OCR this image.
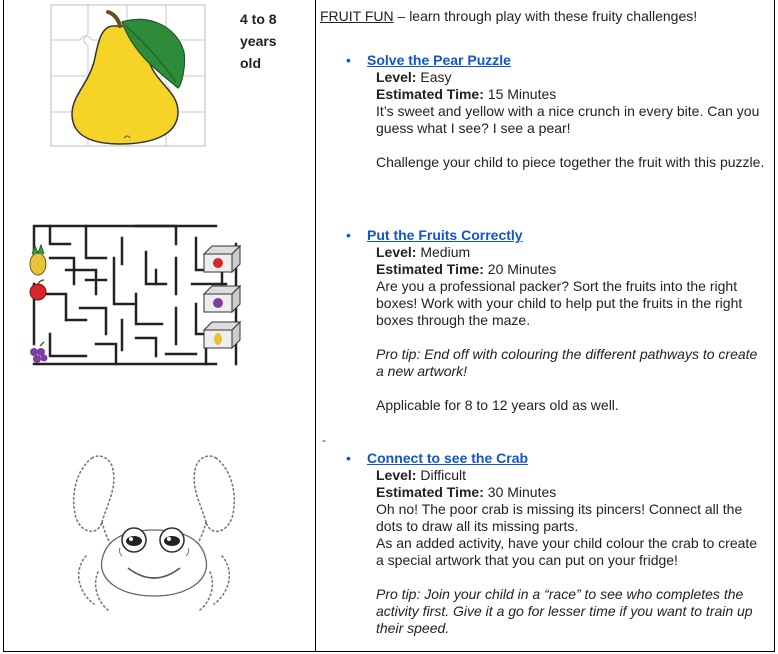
4 to 8
years
old
FRUIT FUN – learn through play with these fruity challenges!
-
• Solve the Pear Puzzle

Level: Easy

Estimated Time: 15 Minutes

It’s sweet and yellow with a nice crunch in every bite. Can you guess what I see? I see a pear!

Challenge your child to piece together the fruit with this puzzle.

• Put the Fruits Correctly

Level: Medium

Estimated Time: 20 Minutes

Are you a professional packer? Sort the fruits into the right boxes! Work with your child to help put the fruits in the right boxes through the maze.

Pro tip: End off with colouring the different pathways to create a new artwork!

Applicable for 8 to 12 years old as well.

• Connect to see the Crab

Level: Difficult

Estimated Time: 30 Minutes

Oh no! The poor crab is missing its pincers! Connect all the dots to draw all its missing parts.

As an added activity, have your child colour the crab to create a special artwork that you can put on your fridge!

Pro tip: Join your child in a “race” to see who completes the activity first. Give it a go for lesser time if you want to train up their speed.
